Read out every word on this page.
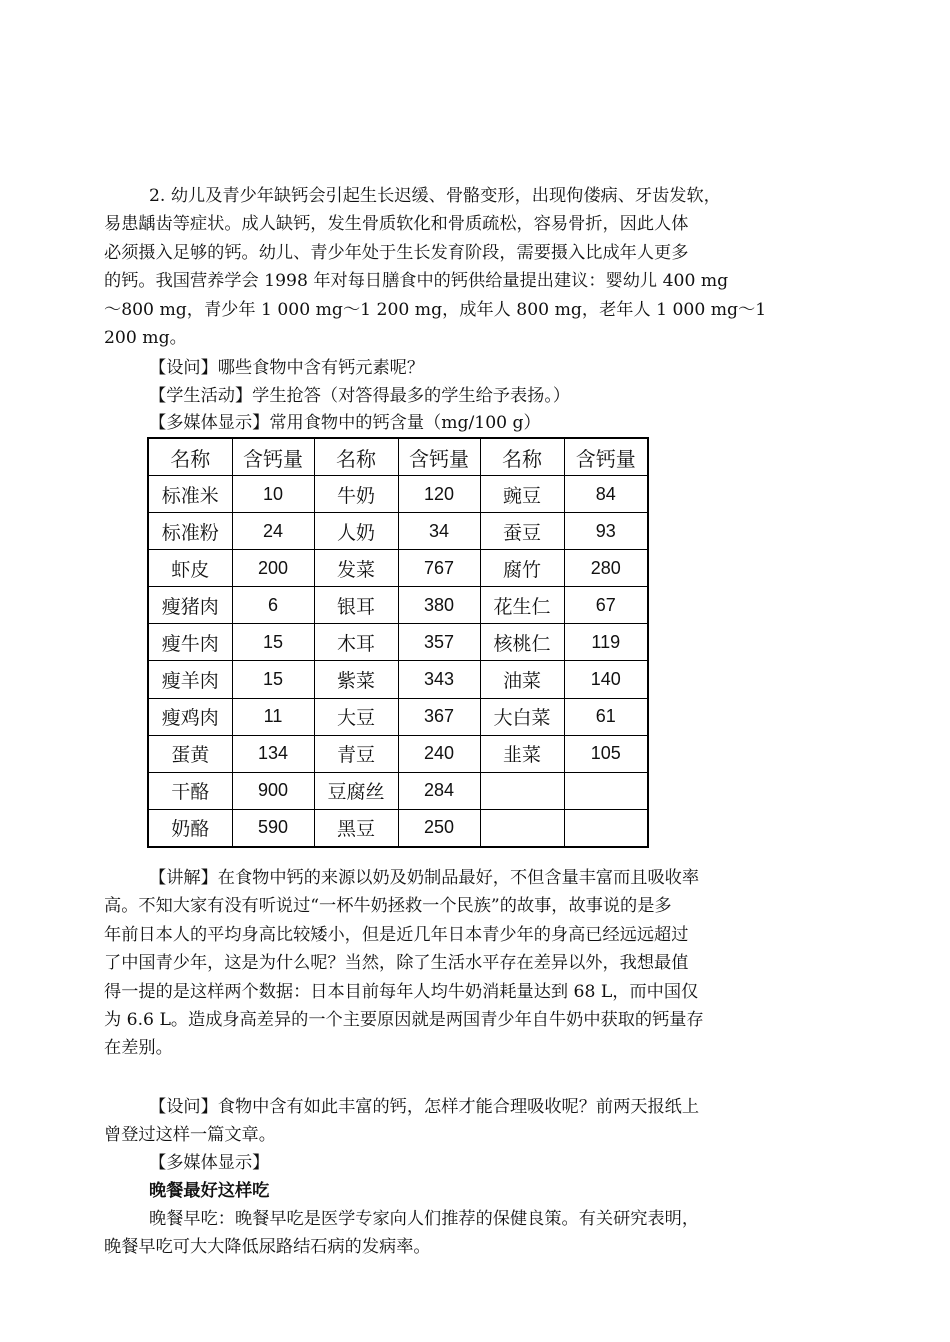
2. 幼儿及青少年缺钙会引起生长迟缓、骨骼变形，出现佝偻病、牙齿发软，
易患龋齿等症状。成人缺钙，发生骨质软化和骨质疏松，容易骨折，因此人体
必须摄入足够的钙。幼儿、青少年处于生长发育阶段，需要摄入比成年人更多
的钙。我国营养学会 1998 年对每日膳食中的钙供给量提出建议：婴幼儿 400 mg
～800 mg，青少年 1 000 mg～1 200 mg，成年人 800 mg，老年人 1 000 mg～1
200 mg。

【设问】哪些食物中含有钙元素呢？

【学生活动】学生抢答（对答得最多的学生给予表扬。）

【多媒体显示】常用食物中的钙含量（mg/100 g）

名称	含钙量	名称	含钙量	名称	含钙量
标准米	10	牛奶	120	豌豆	84
标准粉	24	人奶	34	蚕豆	93
虾皮	200	发菜	767	腐竹	280
瘦猪肉	6	银耳	380	花生仁	67
瘦牛肉	15	木耳	357	核桃仁	119
瘦羊肉	15	紫菜	343	油菜	140
瘦鸡肉	11	大豆	367	大白菜	61
蛋黄	134	青豆	240	韭菜	105
干酪	900	豆腐丝	284		
奶酪	590	黑豆	250		

【讲解】在食物中钙的来源以奶及奶制品最好，不但含量丰富而且吸收率
高。不知大家有没有听说过“一杯牛奶拯救一个民族”的故事，故事说的是多
年前日本人的平均身高比较矮小，但是近几年日本青少年的身高已经远远超过
了中国青少年，这是为什么呢？当然，除了生活水平存在差异以外，我想最值
得一提的是这样两个数据：日本目前每年人均牛奶消耗量达到 68 L，而中国仅
为 6.6 L。造成身高差异的一个主要原因就是两国青少年自牛奶中获取的钙量存
在差别。

【设问】食物中含有如此丰富的钙，怎样才能合理吸收呢？前两天报纸上
曾登过这样一篇文章。

【多媒体显示】

晚餐最好这样吃

晚餐早吃：晚餐早吃是医学专家向人们推荐的保健良策。有关研究表明，
晚餐早吃可大大降低尿路结石病的发病率。
